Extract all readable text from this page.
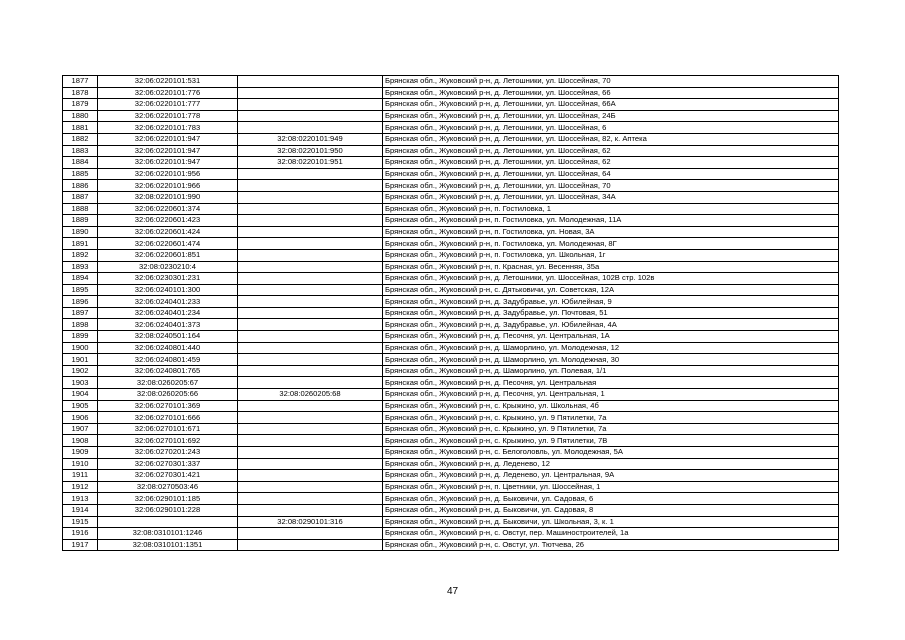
1877	32:06:0220101:531		Брянская обл., Жуковский р-н, д. Летошники, ул. Шоссейная, 70
1878	32:06:0220101:776		Брянская обл., Жуковский р-н, д. Летошники, ул. Шоссейная, 66
1879	32:06:0220101:777		Брянская обл., Жуковский р-н, д. Летошники, ул. Шоссейная, 66А
1880	32:06:0220101:778		Брянская обл., Жуковский р-н, д. Летошники, ул. Шоссейная, 24Б
1881	32:06:0220101:783		Брянская обл., Жуковский р-н, д. Летошники, ул. Шоссейная, 6
1882	32:06:0220101:947	32:08:0220101:949	Брянская обл., Жуковский р-н, д. Летошники, ул. Шоссейная, 82, к. Аптека
1883	32:06:0220101:947	32:08:0220101:950	Брянская обл., Жуковский р-н, д. Летошники, ул. Шоссейная, 62
1884	32:06:0220101:947	32:08:0220101:951	Брянская обл., Жуковский р-н, д. Летошники, ул. Шоссейная, 62
1885	32:06:0220101:956		Брянская обл., Жуковский р-н, д. Летошники, ул. Шоссейная, 64
1886	32:06:0220101:966		Брянская обл., Жуковский р-н, д. Летошники, ул. Шоссейная, 70
1887	32:08:0220101:990		Брянская обл., Жуковский р-н, д. Летошники, ул. Шоссейная, 34А
1888	32:06:0220601:374		Брянская обл., Жуковский р-н, п. Гостиловка, 1
1889	32:06:0220601:423		Брянская обл., Жуковский р-н, п. Гостиловка, ул. Молодежная, 11А
1890	32:06:0220601:424		Брянская обл., Жуковский р-н, п. Гостиловка, ул. Новая, 3А
1891	32:06:0220601:474		Брянская обл., Жуковский р-н, п. Гостиловка, ул. Молодежная, 8Г
1892	32:06:0220601:851		Брянская обл., Жуковский р-н, п. Гостиловка, ул. Школьная, 1г
1893	32:08:0230210:4		Брянская обл., Жуковский р-н, п. Красная, ул. Весенняя, 35а
1894	32:06:0230301:231		Брянская обл., Жуковский р-н, д. Летошники, ул. Шоссейная, 102В стр. 102в
1895	32:06:0240101:300		Брянская обл., Жуковский р-н, с. Дятьковичи, ул. Советская, 12А
1896	32:06:0240401:233		Брянская обл., Жуковский р-н, д. Задубравье, ул. Юбилейная, 9
1897	32:06:0240401:234		Брянская обл., Жуковский р-н, д. Задубравье, ул. Почтовая, 51
1898	32:06:0240401:373		Брянская обл., Жуковский р-н, д. Задубравье, ул. Юбилейная, 4А
1899	32:08:0240501:164		Брянская обл., Жуковский р-н, д. Песочня, ул. Центральная, 1А
1900	32:06:0240801:440		Брянская обл., Жуковский р-н, д. Шаморлино, ул. Молодежная, 12
1901	32:06:0240801:459		Брянская обл., Жуковский р-н, д. Шаморлино, ул. Молодежная, 30
1902	32:06:0240801:765		Брянская обл., Жуковский р-н, д. Шаморлино, ул. Полевая, 1/1
1903	32:08:0260205:67		Брянская обл., Жуковский р-н, д. Песочня, ул. Центральная
1904	32:08:0260205:66	32:08:0260205:68	Брянская обл., Жуковский р-н, д. Песочня, ул. Центральная, 1
1905	32:06:0270101:369		Брянская обл., Жуковский р-н, с. Крыжино, ул. Школьная, 4б
1906	32:06:0270101:666		Брянская обл., Жуковский р-н, с. Крыжино, ул. 9 Пятилетки, 7а
1907	32:06:0270101:671		Брянская обл., Жуковский р-н, с. Крыжино, ул. 9 Пятилетки, 7а
1908	32:06:0270101:692		Брянская обл., Жуковский р-н, с. Крыжино, ул. 9 Пятилетки, 7В
1909	32:06:0270201:243		Брянская обл., Жуковский р-н, с. Белоголовль, ул. Молодежная, 5А
1910	32:06:0270301:337		Брянская обл., Жуковский р-н, д. Леденево, 12
1911	32:06:0270301:421		Брянская обл., Жуковский р-н, д. Леденево, ул. Центральная, 9А
1912	32:08:0270503:46		Брянская обл., Жуковский р-н, п. Цветники, ул. Шоссейная, 1
1913	32:06:0290101:185		Брянская обл., Жуковский р-н, д. Быковичи, ул. Садовая, 6
1914	32:06:0290101:228		Брянская обл., Жуковский р-н, д. Быковичи, ул. Садовая, 8
1915		32:08:0290101:316	Брянская обл., Жуковский р-н, д. Быковичи, ул. Школьная, 3, к. 1
1916	32:08:0310101:1246		Брянская обл., Жуковский р-н, с. Овстуг, пер. Машиностроителей, 1а
1917	32:08:0310101:1351		Брянская обл., Жуковский р-н, с. Овстуг, ул. Тютчева, 26
47
